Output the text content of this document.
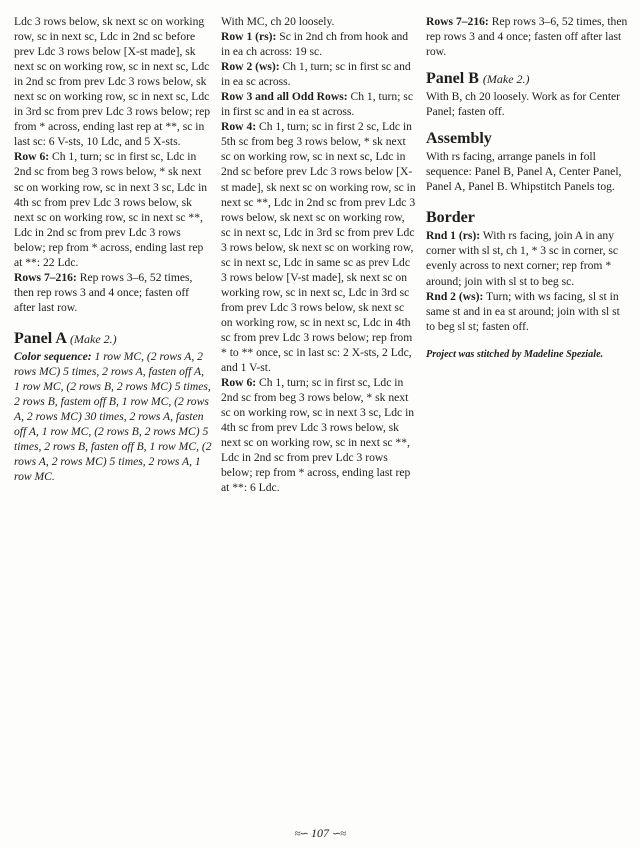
Ldc 3 rows below, sk next sc on working row, sc in next sc, Ldc in 2nd sc before prev Ldc 3 rows below [X-st made], sk next sc on working row, sc in next sc, Ldc in 2nd sc from prev Ldc 3 rows below, sk next sc on working row, sc in next sc, Ldc in 3rd sc from prev Ldc 3 rows below; rep from * across, ending last rep at **, sc in last sc: 6 V-sts, 10 Ldc, and 5 X-sts.

Row 6: Ch 1, turn; sc in first sc, Ldc in 2nd sc from beg 3 rows below, * sk next sc on working row, sc in next 3 sc, Ldc in 4th sc from prev Ldc 3 rows below, sk next sc on working row, sc in next sc **, Ldc in 2nd sc from prev Ldc 3 rows below; rep from * across, ending last rep at **: 22 Ldc.

Rows 7–216: Rep rows 3–6, 52 times, then rep rows 3 and 4 once; fasten off after last row.

Panel A (Make 2.)

Color sequence: 1 row MC, (2 rows A, 2 rows MC) 5 times, 2 rows A, fasten off A, 1 row MC, (2 rows B, 2 rows MC) 5 times, 2 rows B, fastem off B, 1 row MC, (2 rows A, 2 rows MC) 30 times, 2 rows A, fasten off A, 1 row MC, (2 rows B, 2 rows MC) 5 times, 2 rows B, fasten off B, 1 row MC, (2 rows A, 2 rows MC) 5 times, 2 rows A, 1 row MC.

With MC, ch 20 loosely.

Row 1 (rs): Sc in 2nd ch from hook and in ea ch across: 19 sc.

Row 2 (ws): Ch 1, turn; sc in first sc and in ea sc across.

Row 3 and all Odd Rows: Ch 1, turn; sc in first sc and in ea st across.

Row 4: Ch 1, turn; sc in first 2 sc, Ldc in 5th sc from beg 3 rows below, * sk next sc on working row, sc in next sc, Ldc in 2nd sc before prev Ldc 3 rows below [X-st made], sk next sc on working row, sc in next sc **, Ldc in 2nd sc from prev Ldc 3 rows below, sk next sc on working row, sc in next sc, Ldc in 3rd sc from prev Ldc 3 rows below, sk next sc on working row, sc in next sc, Ldc in same sc as prev Ldc 3 rows below [V-st made], sk next sc on working row, sc in next sc, Ldc in 3rd sc from prev Ldc 3 rows below, sk next sc on working row, sc in next sc, Ldc in 4th sc from prev Ldc 3 rows below; rep from * to ** once, sc in last sc: 2 X-sts, 2 Ldc, and 1 V-st.

Row 6: Ch 1, turn; sc in first sc, Ldc in 2nd sc from beg 3 rows below, * sk next sc on working row, sc in next 3 sc, Ldc in 4th sc from prev Ldc 3 rows below, sk next sc on working row, sc in next sc **, Ldc in 2nd sc from prev Ldc 3 rows below; rep from * across, ending last rep at **: 6 Ldc.

Rows 7–216: Rep rows 3–6, 52 times, then rep rows 3 and 4 once; fasten off after last row.

Panel B (Make 2.)

With B, ch 20 loosely. Work as for Center Panel; fasten off.

Assembly

With rs facing, arrange panels in foll sequence: Panel B, Panel A, Center Panel, Panel A, Panel B. Whipstitch Panels tog.

Border

Rnd 1 (rs): With rs facing, join A in any corner with sl st, ch 1, * 3 sc in corner, sc evenly across to next corner; rep from * around; join with sl st to beg sc.

Rnd 2 (ws): Turn; with ws facing, sl st in same st and in ea st around; join with sl st to beg sl st; fasten off.

Project was stitched by Madeline Speziale.

≈∽ 107 ∽≈
